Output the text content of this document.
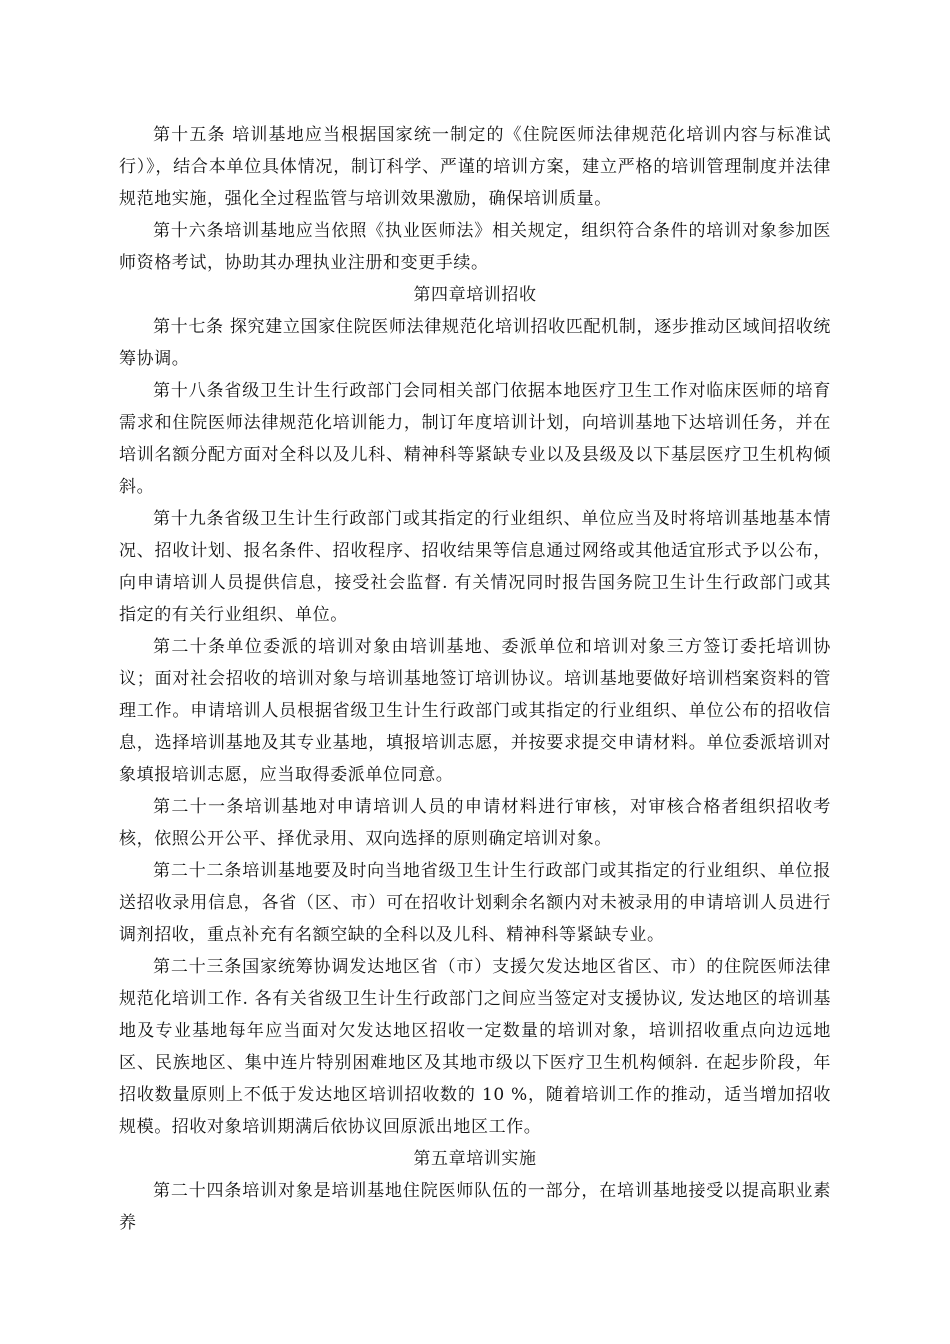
第十五条 培训基地应当根据国家统一制定的《住院医师法律规范化培训内容与标准试行）》，结合本单位具体情况，制订科学、严谨的培训方案，建立严格的培训管理制度并法律规范地实施，强化全过程监管与培训效果激励，确保培训质量。

第十六条培训基地应当依照《执业医师法》相关规定，组织符合条件的培训对象参加医师资格考试，协助其办理执业注册和变更手续。

第四章培训招收

第十七条 探究建立国家住院医师法律规范化培训招收匹配机制，逐步推动区域间招收统筹协调。

第十八条省级卫生计生行政部门会同相关部门依据本地医疗卫生工作对临床医师的培育需求和住院医师法律规范化培训能力，制订年度培训计划，向培训基地下达培训任务，并在培训名额分配方面对全科以及儿科、精神科等紧缺专业以及县级及以下基层医疗卫生机构倾斜。

第十九条省级卫生计生行政部门或其指定的行业组织、单位应当及时将培训基地基本情况、招收计划、报名条件、招收程序、招收结果等信息通过网络或其他适宜形式予以公布，向申请培训人员提供信息，接受社会监督. 有关情况同时报告国务院卫生计生行政部门或其指定的有关行业组织、单位。

第二十条单位委派的培训对象由培训基地、委派单位和培训对象三方签订委托培训协议；面对社会招收的培训对象与培训基地签订培训协议。培训基地要做好培训档案资料的管理工作。申请培训人员根据省级卫生计生行政部门或其指定的行业组织、单位公布的招收信息，选择培训基地及其专业基地，填报培训志愿，并按要求提交申请材料。单位委派培训对象填报培训志愿，应当取得委派单位同意。

第二十一条培训基地对申请培训人员的申请材料进行审核，对审核合格者组织招收考核，依照公开公平、择优录用、双向选择的原则确定培训对象。

第二十二条培训基地要及时向当地省级卫生计生行政部门或其指定的行业组织、单位报送招收录用信息，各省（区、市）可在招收计划剩余名额内对未被录用的申请培训人员进行调剂招收，重点补充有名额空缺的全科以及儿科、精神科等紧缺专业。

第二十三条国家统筹协调发达地区省（市）支援欠发达地区省区、市）的住院医师法律规范化培训工作. 各有关省级卫生计生行政部门之间应当签定对支援协议, 发达地区的培训基地及专业基地每年应当面对欠发达地区招收一定数量的培训对象，培训招收重点向边远地区、民族地区、集中连片特别困难地区及其地市级以下医疗卫生机构倾斜. 在起步阶段，年招收数量原则上不低于发达地区培训招收数的 10 %，随着培训工作的推动，适当增加招收规模。招收对象培训期满后依协议回原派出地区工作。

第五章培训实施

第二十四条培训对象是培训基地住院医师队伍的一部分，在培训基地接受以提高职业素养
